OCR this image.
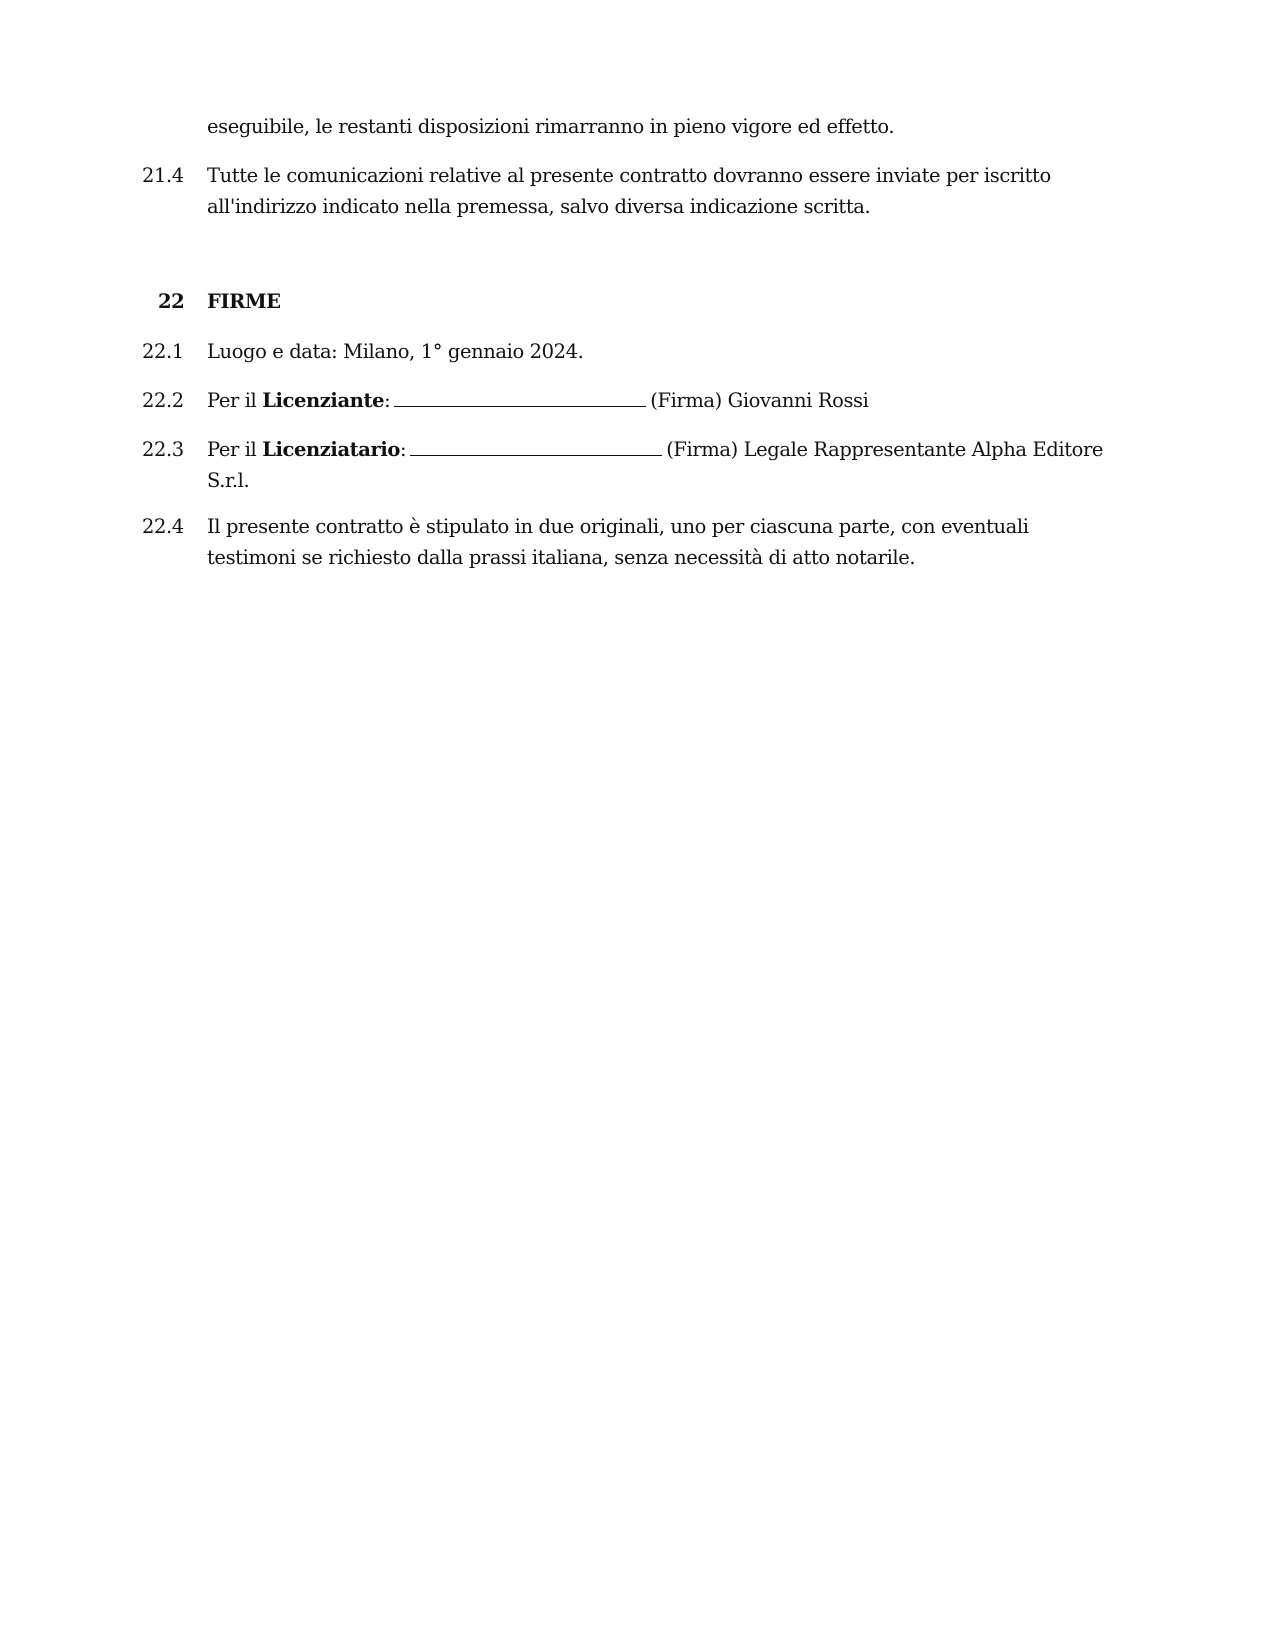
eseguibile, le restanti disposizioni rimarranno in pieno vigore ed effetto.
21.4	Tutte le comunicazioni relative al presente contratto dovranno essere inviate per iscritto
all'indirizzo indicato nella premessa, salvo diversa indicazione scritta.
22	FIRME
22.1	Luogo e data: Milano, 1° gennaio 2024.
22.2	Per il Licenziante:	(Firma) Giovanni Rossi
22.3	Per il Licenziatario:	(Firma) Legale Rappresentante Alpha Editore
S.r.l.
22.4	Il presente contratto è stipulato in due originali, uno per ciascuna parte, con eventuali
testimoni se richiesto dalla prassi italiana, senza necessità di atto notarile.
